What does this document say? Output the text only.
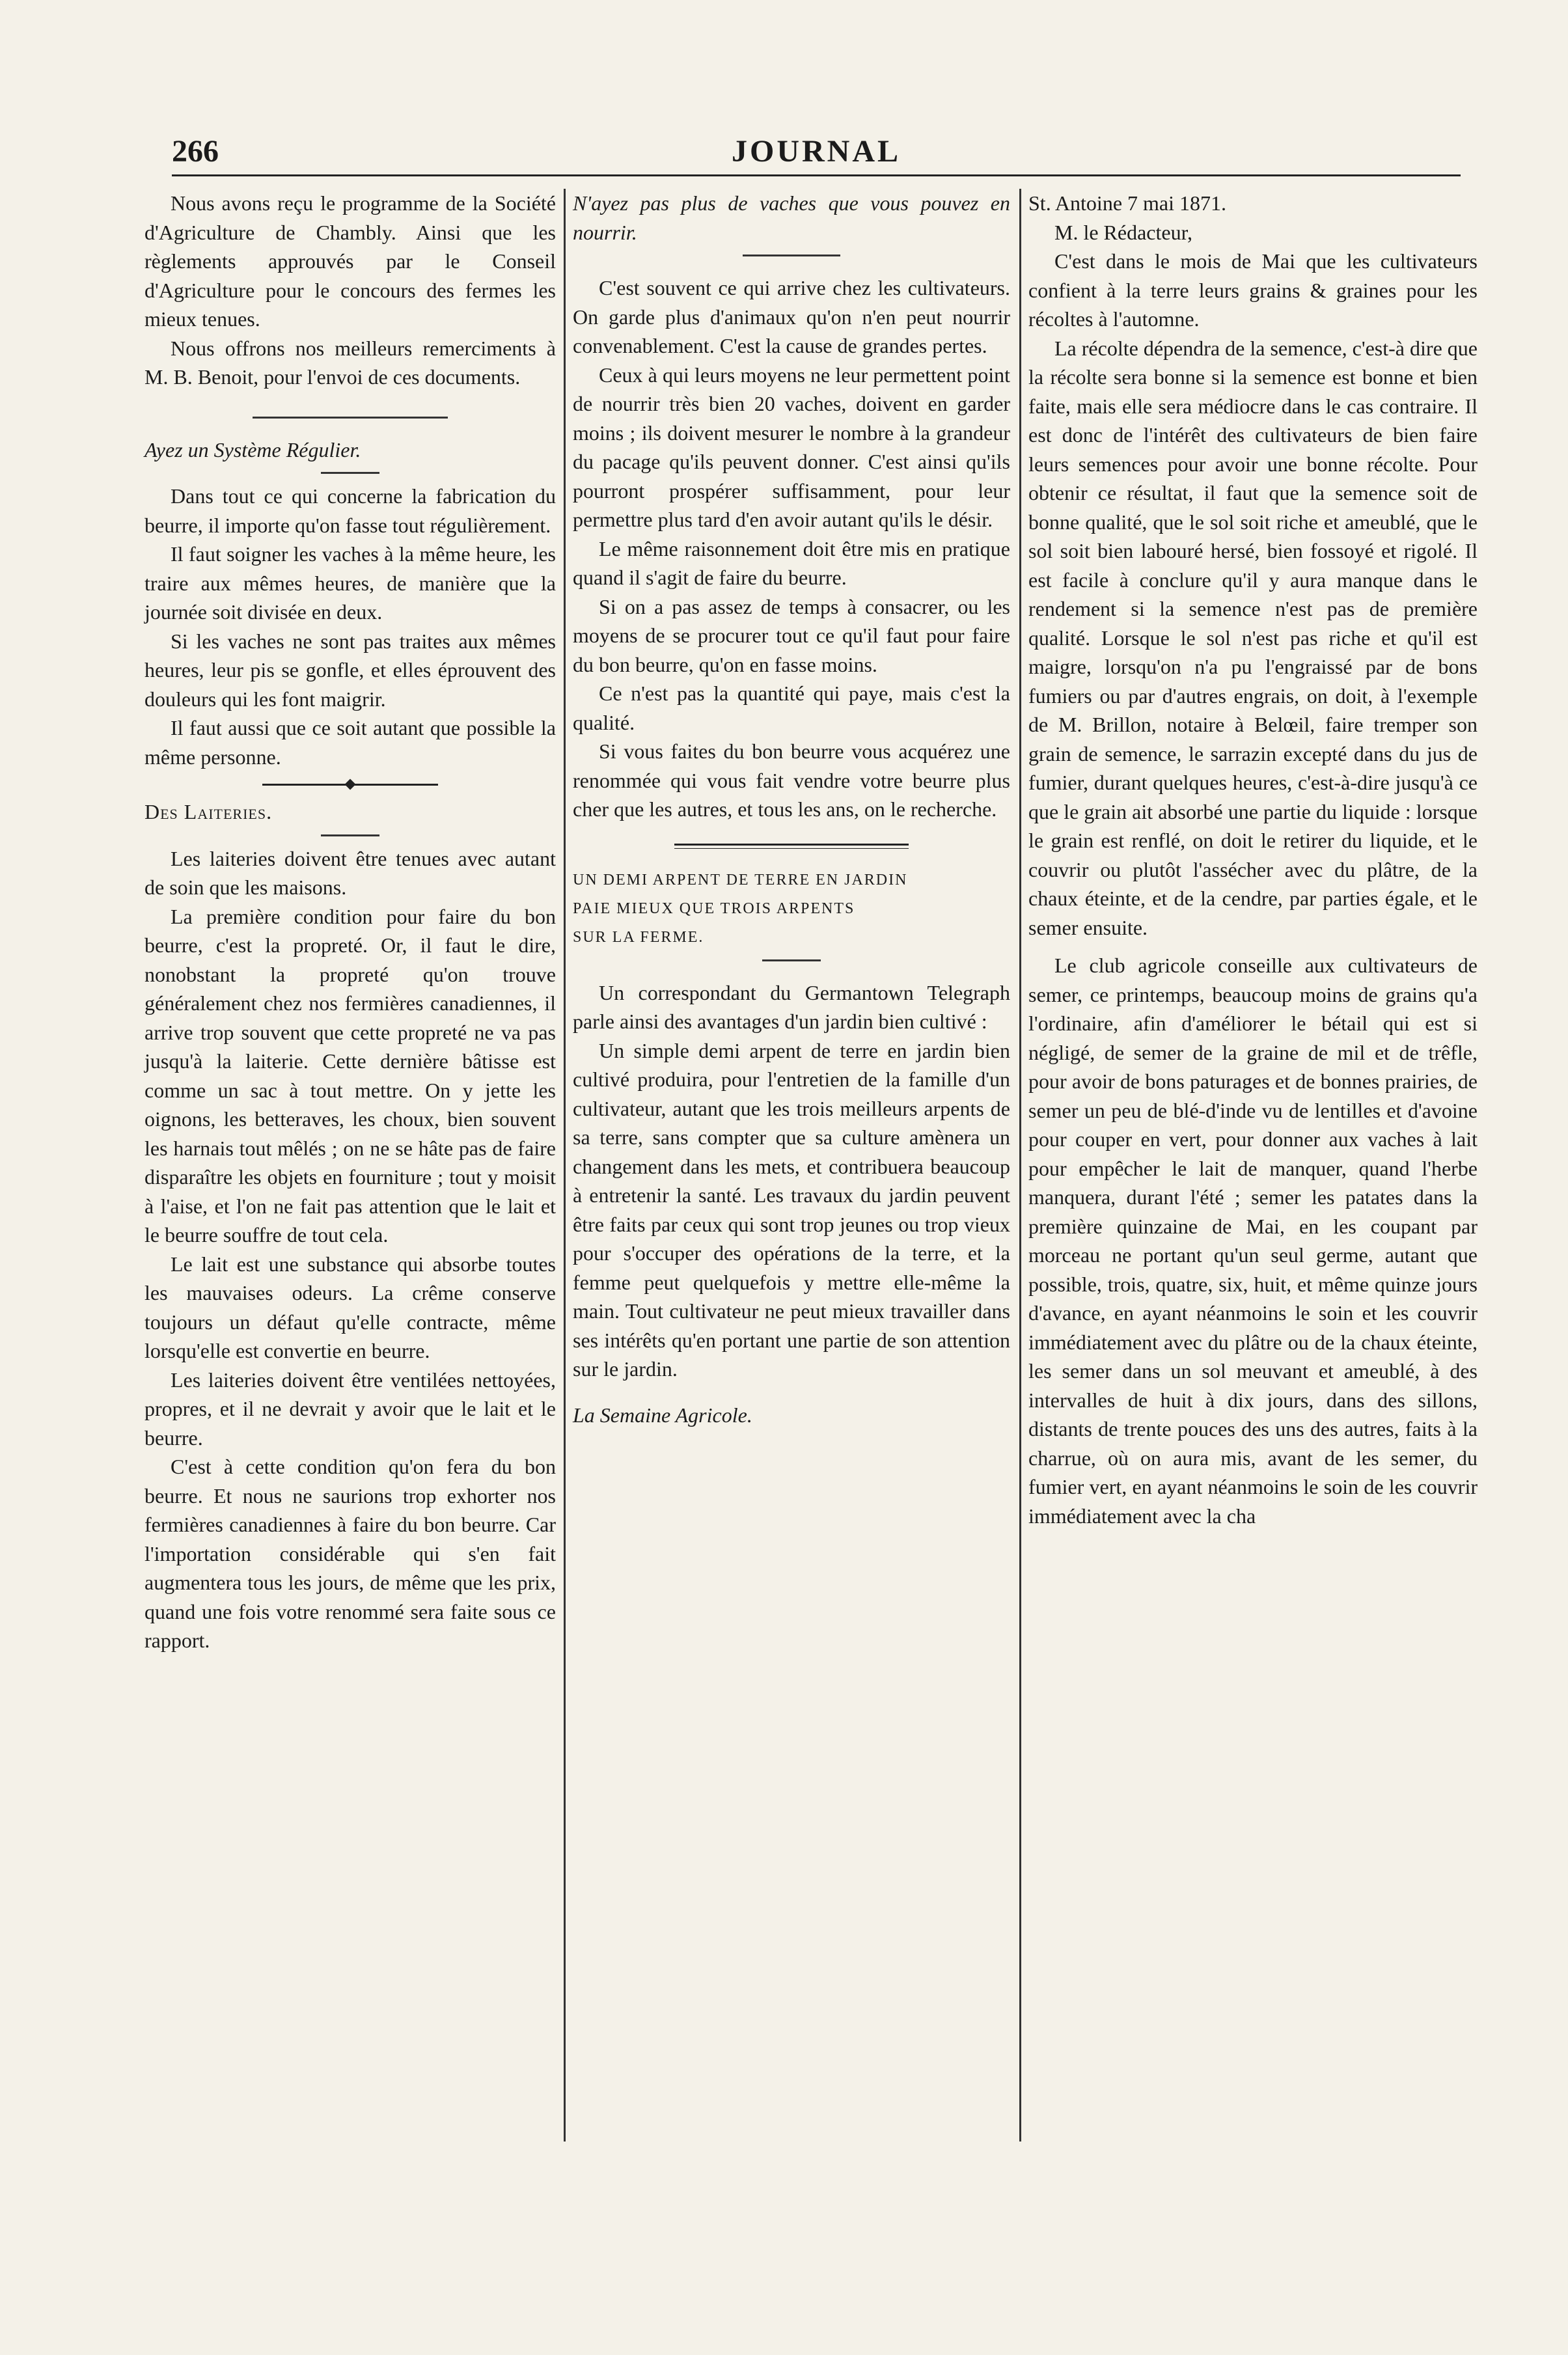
266	JOURNAL

Nous avons reçu le programme de la Société d'Agriculture de Chambly. Ainsi que les règlements approuvés par le Conseil d'Agriculture pour le concours des fermes les mieux tenues.

Nous offrons nos meilleurs remerciments à M. B. Benoit, pour l'envoi de ces documents.

Ayez un Système Régulier.

Dans tout ce qui concerne la fabrication du beurre, il importe qu'on fasse tout régulièrement.

Il faut soigner les vaches à la même heure, les traire aux mêmes heures, de manière que la journée soit divisée en deux.

Si les vaches ne sont pas traites aux mêmes heures, leur pis se gonfle, et elles éprouvent des douleurs qui les font maigrir.

Il faut aussi que ce soit autant que possible la même personne.

Des Laiteries.

Les laiteries doivent être tenues avec autant de soin que les maisons.

La première condition pour faire du bon beurre, c'est la propreté. Or, il faut le dire, nonobstant la propreté qu'on trouve généralement chez nos fermières canadiennes, il arrive trop souvent que cette propreté ne va pas jusqu'à la laiterie. Cette dernière bâtisse est comme un sac à tout mettre. On y jette les oignons, les betteraves, les choux, bien souvent les harnais tout mêlés ; on ne se hâte pas de faire disparaître les objets en fourniture ; tout y moisit à l'aise, et l'on ne fait pas attention que le lait et le beurre souffre de tout cela.

Le lait est une substance qui absorbe toutes les mauvaises odeurs. La crême conserve toujours un défaut qu'elle contracte, même lorsqu'elle est convertie en beurre.

Les laiteries doivent être ventilées nettoyées, propres, et il ne devrait y avoir que le lait et le beurre.

C'est à cette condition qu'on fera du bon beurre. Et nous ne saurions trop exhorter nos fermières canadiennes à faire du bon beurre. Car l'importation considérable qui s'en fait augmentera tous les jours, de même que les prix, quand une fois votre renommé sera faite sous ce rapport.

N'ayez pas plus de vaches que vous pouvez en nourrir.

C'est souvent ce qui arrive chez les cultivateurs. On garde plus d'animaux qu'on n'en peut nourrir convenablement. C'est la cause de grandes pertes.

Ceux à qui leurs moyens ne leur permettent point de nourrir très bien 20 vaches, doivent en garder moins ; ils doivent mesurer le nombre à la grandeur du pacage qu'ils peuvent donner. C'est ainsi qu'ils pourront prospérer suffisamment, pour leur permettre plus tard d'en avoir autant qu'ils le désir.

Le même raisonnement doit être mis en pratique quand il s'agit de faire du beurre.

Si on a pas assez de temps à consacrer, ou les moyens de se procurer tout ce qu'il faut pour faire du bon beurre, qu'on en fasse moins.

Ce n'est pas la quantité qui paye, mais c'est la qualité.

Si vous faites du bon beurre vous acquérez une renommée qui vous fait vendre votre beurre plus cher que les autres, et tous les ans, on le recherche.

UN DEMI ARPENT DE TERRE EN JARDIN

PAIE MIEUX QUE TROIS ARPENTS

SUR LA FERME.

Un correspondant du Germantown Telegraph parle ainsi des avantages d'un jardin bien cultivé :

Un simple demi arpent de terre en jardin bien cultivé produira, pour l'entretien de la famille d'un cultivateur, autant que les trois meilleurs arpents de sa terre, sans compter que sa culture amènera un changement dans les mets, et contribuera beaucoup à entretenir la santé. Les travaux du jardin peuvent être faits par ceux qui sont trop jeunes ou trop vieux pour s'occuper des opérations de la terre, et la femme peut quelquefois y mettre elle-même la main. Tout cultivateur ne peut mieux travailler dans ses intérêts qu'en portant une partie de son attention sur le jardin.

La Semaine Agricole.

St. Antoine 7 mai 1871.

M. le Rédacteur,

C'est dans le mois de Mai que les cultivateurs confient à la terre leurs grains & graines pour les récoltes à l'automne.

La récolte dépendra de la semence, c'est-à dire que la récolte sera bonne si la semence est bonne et bien faite, mais elle sera médiocre dans le cas contraire. Il est donc de l'intérêt des cultivateurs de bien faire leurs semences pour avoir une bonne récolte. Pour obtenir ce résultat, il faut que la semence soit de bonne qualité, que le sol soit riche et ameublé, que le sol soit bien labouré hersé, bien fossoyé et rigolé. Il est facile à conclure qu'il y aura manque dans le rendement si la semence n'est pas de première qualité. Lorsque le sol n'est pas riche et qu'il est maigre, lorsqu'on n'a pu l'engraissé par de bons fumiers ou par d'autres engrais, on doit, à l'exemple de M. Brillon, notaire à Belœil, faire tremper son grain de semence, le sarrazin excepté dans du jus de fumier, durant quelques heures, c'est-à-dire jusqu'à ce que le grain ait absorbé une partie du liquide : lorsque le grain est renflé, on doit le retirer du liquide, et le couvrir ou plutôt l'assécher avec du plâtre, de la chaux éteinte, et de la cendre, par parties égale, et le semer ensuite.

Le club agricole conseille aux cultivateurs de semer, ce printemps, beaucoup moins de grains qu'a l'ordinaire, afin d'améliorer le bétail qui est si négligé, de semer de la graine de mil et de trêfle, pour avoir de bons paturages et de bonnes prairies, de semer un peu de blé-d'inde vu de lentilles et d'avoine pour couper en vert, pour donner aux vaches à lait pour empêcher le lait de manquer, quand l'herbe manquera, durant l'été ; semer les patates dans la première quinzaine de Mai, en les coupant par morceau ne portant qu'un seul germe, autant que possible, trois, quatre, six, huit, et même quinze jours d'avance, en ayant néanmoins le soin et les couvrir immédiatement avec du plâtre ou de la chaux éteinte, les semer dans un sol meuvant et ameublé, à des intervalles de huit à dix jours, dans des sillons, distants de trente pouces des uns des autres, faits à la charrue, où on aura mis, avant de les semer, du fumier vert, en ayant néanmoins le soin de les couvrir immédiatement avec la cha
